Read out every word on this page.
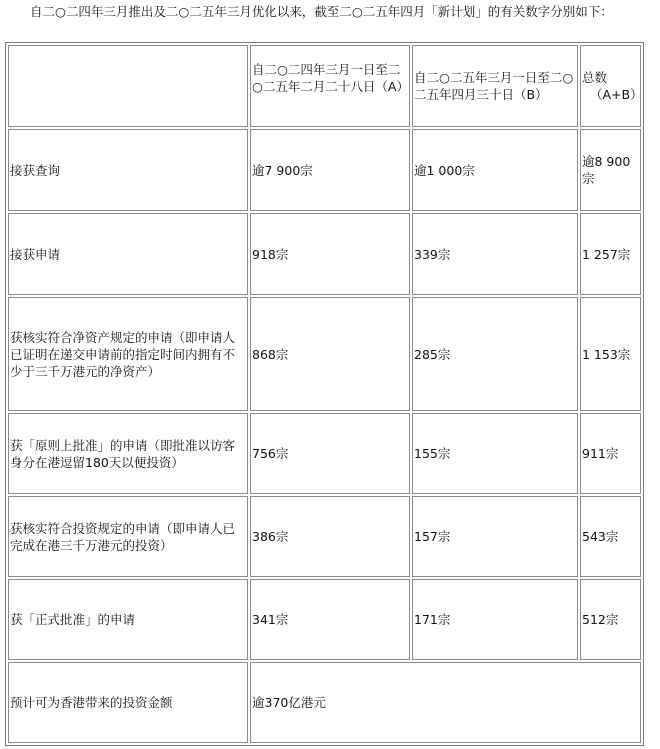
自二○二四年三月推出及二○二五年三月优化以来，截至二○二五年四月「新计划」的有关数字分别如下：

	自二○二四年三月一日至二○二五年二月二十八日（A）	自二○二五年三月一日至二○二五年四月三十日（B）	总数
（A+B）

接获查询	逾7 900宗	逾1 000宗	逾8 900宗
接获申请	918宗	339宗	1 257宗
获核实符合净资产规定的申请（即申请人已证明在递交申请前的指定时间内拥有不少于三千万港元的净资产）	868宗	285宗	1 153宗
获「原则上批准」的申请（即批准以访客身分在港逗留180天以便投资）	756宗	155宗	911宗
获核实符合投资规定的申请（即申请人已完成在港三千万港元的投资）	386宗	157宗	543宗
获「正式批准」的申请	341宗	171宗	512宗
预计可为香港带来的投资金额	逾370亿港元		
